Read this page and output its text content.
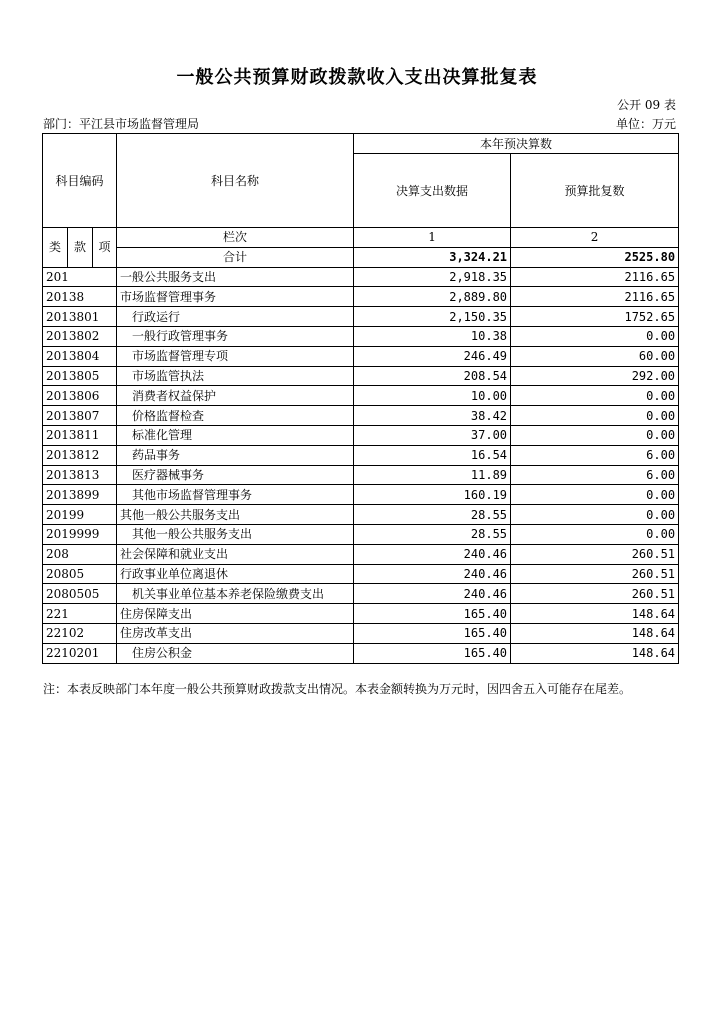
一般公共预算财政拨款收入支出决算批复表
公开 09 表
部门：平江县市场监督管理局	单位：万元
科目编码			科目名称	本年预决算数	
				决算支出数据	预算批复数
类	款	项	栏次	1	2
			合计	3,324.21	2525.80
201			一般公共服务支出	2,918.35	2116.65
20138			市场监督管理事务	2,889.80	2116.65
2013801			行政运行	2,150.35	1752.65
2013802			一般行政管理事务	10.38	0.00
2013804			市场监督管理专项	246.49	60.00
2013805			市场监管执法	208.54	292.00
2013806			消费者权益保护	10.00	0.00
2013807			价格监督检查	38.42	0.00
2013811			标准化管理	37.00	0.00
2013812			药品事务	16.54	6.00
2013813			医疗器械事务	11.89	6.00
2013899			其他市场监督管理事务	160.19	0.00
20199			其他一般公共服务支出	28.55	0.00
2019999			其他一般公共服务支出	28.55	0.00
208			社会保障和就业支出	240.46	260.51
20805			行政事业单位离退休	240.46	260.51
2080505			机关事业单位基本养老保险缴费支出	240.46	260.51
221			住房保障支出	165.40	148.64
22102			住房改革支出	165.40	148.64
2210201			住房公积金	165.40	148.64
注：本表反映部门本年度一般公共预算财政拨款支出情况。本表金额转换为万元时，因四舍五入可能存在尾差。
